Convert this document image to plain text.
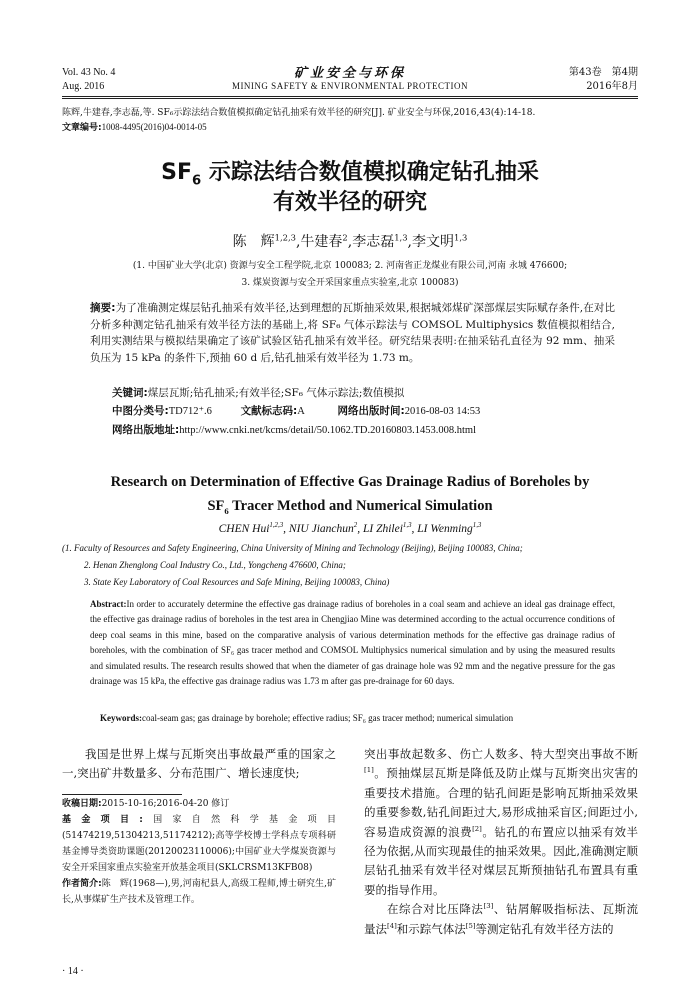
Vol. 43 No. 4
Aug. 2016
矿业安全与环保
MINING SAFETY & ENVIRONMENTAL PROTECTION
第43卷　第4期
2016年8月
陈辉,牛建春,李志磊,等. SF₆示踪法结合数值模拟确定钻孔抽采有效半径的研究[J]. 矿业安全与环保,2016,43(4):14-18.
文章编号:1008-4495(2016)04-0014-05
$SF_6$ 示踪法结合数值模拟确定钻孔抽采
有效半径的研究
陈　辉$^{1,2,3}$,牛建春$^2$,李志磊$^{1,3}$,李文明$^{1,3}$
(1. 中国矿业大学(北京) 资源与安全工程学院,北京 100083; 2. 河南省正龙煤业有限公司,河南 永城 476600;
3. 煤炭资源与安全开采国家重点实验室,北京 100083)
摘要:为了准确测定煤层钻孔抽采有效半径,达到理想的瓦斯抽采效果,根据城郊煤矿深部煤层实际赋存条件,在对比分析多种测定钻孔抽采有效半径方法的基础上,将 SF₆ 气体示踪法与 COMSOL Multiphysics 数值模拟相结合,利用实测结果与模拟结果确定了该矿试验区钻孔抽采有效半径。研究结果表明:在抽采钻孔直径为 92 mm、抽采负压为 15 kPa 的条件下,预抽 60 d 后,钻孔抽采有效半径为 1.73 m。
关键词:煤层瓦斯;钻孔抽采;有效半径;SF₆ 气体示踪法;数值模拟
中图分类号:TD712⁺.6	文献标志码:A	网络出版时间:2016-08-03 14:53
网络出版地址:http://www.cnki.net/kcms/detail/50.1062.TD.20160803.1453.008.html
Research on Determination of Effective Gas Drainage Radius of Boreholes by
$SF_6$ Tracer Method and Numerical Simulation
CHEN Hui$^{1,2,3}$, NIU Jianchun$^2$, LI Zhilei$^{1,3}$, LI Wenming$^{1,3}$
(1. Faculty of Resources and Safety Engineering, China University of Mining and Technology (Beijing), Beijing 100083, China;
2. Henan Zhenglong Coal Industry Co., Ltd., Yongcheng 476600, China;
3. State Key Laboratory of Coal Resources and Safe Mining, Beijing 100083, China)
Abstract:In order to accurately determine the effective gas drainage radius of boreholes in a coal seam and achieve an ideal gas drainage effect, the effective gas drainage radius of boreholes in the test area in Chengjiao Mine was determined according to the actual occurrence conditions of deep coal seams in this mine, based on the comparative analysis of various determination methods for the effective gas drainage radius of boreholes, with the combination of SF₆ gas tracer method and COMSOL Multiphysics numerical simulation and by using the measured results and simulated results. The research results showed that when the diameter of gas drainage hole was 92 mm and the negative pressure for the gas drainage was 15 kPa, the effective gas drainage radius was 1.73 m after gas pre-drainage for 60 days.
Keywords:coal-seam gas; gas drainage by borehole; effective radius; SF₆ gas tracer method; numerical simulation
我国是世界上煤与瓦斯突出事故最严重的国家之一,突出矿井数量多、分布范围广、增长速度快;
收稿日期:2015-10-16;2016-04-20 修订
基金项目:国家自然科学基金项目(51474219,51304213,51174212);高等学校博士学科点专项科研基金博导类资助课题(20120023110006);中国矿业大学煤炭资源与安全开采国家重点实验室开放基金项目(SKLCRSM13KFB08)
作者简介:陈　辉(1968—),男,河南杞县人,高级工程师,博士研究生,矿长,从事煤矿生产技术及管理工作。
突出事故起数多、伤亡人数多、特大型突出事故不断[1]。预抽煤层瓦斯是降低及防止煤与瓦斯突出灾害的重要技术措施。合理的钻孔间距是影响瓦斯抽采效果的重要参数,钻孔间距过大,易形成抽采盲区;间距过小,容易造成资源的浪费[2]。钻孔的布置应以抽采有效半径为依据,从而实现最佳的抽采效果。因此,准确测定顺层钻孔抽采有效半径对煤层瓦斯预抽钻孔布置具有重要的指导作用。
在综合对比压降法[3]、钻屑解吸指标法、瓦斯流量法[4]和示踪气体法[5]等测定钻孔有效半径方法的
· 14 ·
